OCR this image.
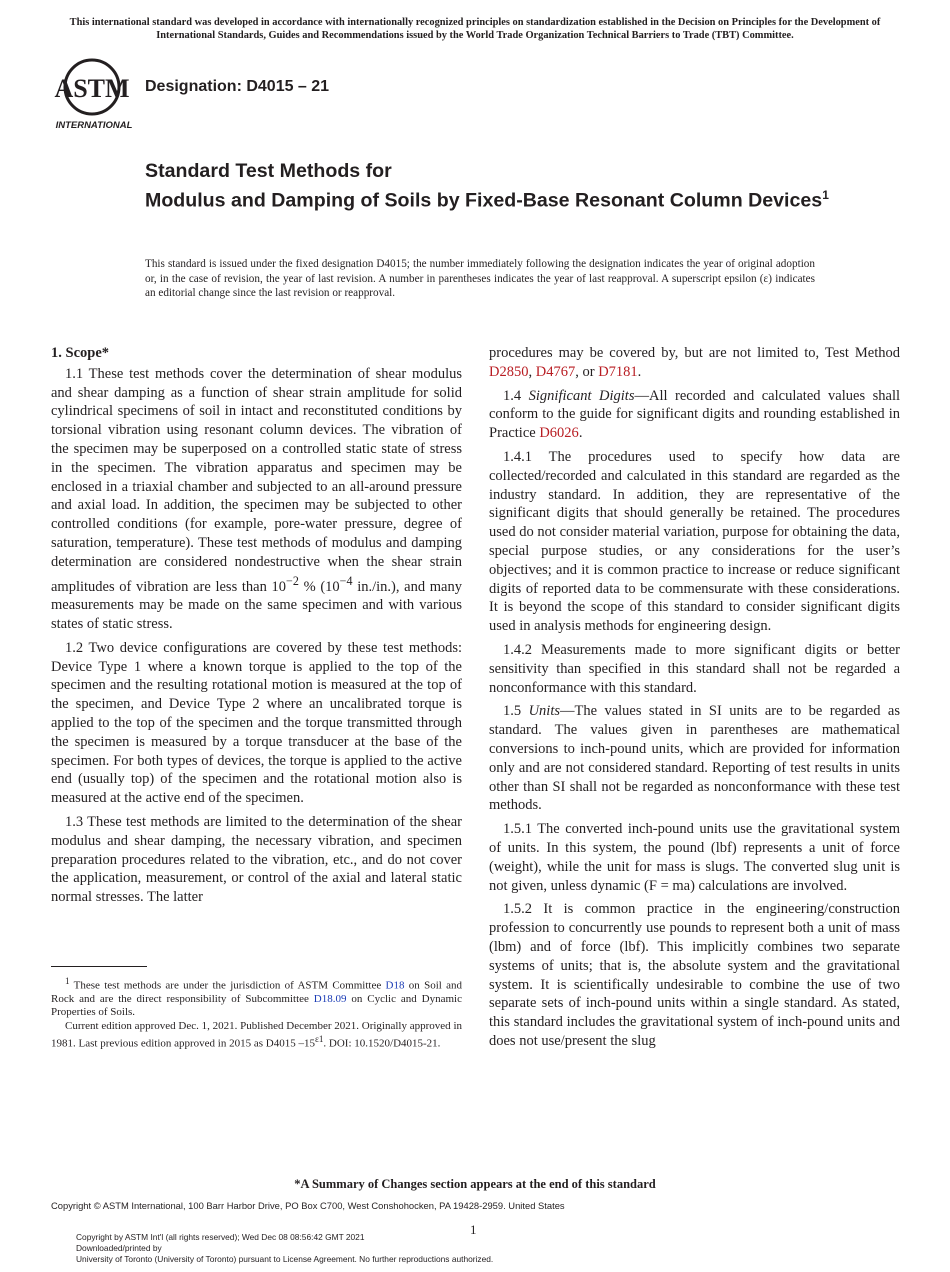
This international standard was developed in accordance with internationally recognized principles on standardization established in the Decision on Principles for the Development of International Standards, Guides and Recommendations issued by the World Trade Organization Technical Barriers to Trade (TBT) Committee.
ASTM
INTERNATIONAL
Designation: D4015 – 21
Standard Test Methods for
Modulus and Damping of Soils by Fixed-Base Resonant Column Devices$^1$
This standard is issued under the fixed designation D4015; the number immediately following the designation indicates the year of original adoption or, in the case of revision, the year of last revision. A number in parentheses indicates the year of last reapproval. A superscript epsilon (ε) indicates an editorial change since the last revision or reapproval.
1. Scope*

1.1 These test methods cover the determination of shear modulus and shear damping as a function of shear strain amplitude for solid cylindrical specimens of soil in intact and reconstituted conditions by torsional vibration using resonant column devices. The vibration of the specimen may be superposed on a controlled static state of stress in the specimen. The vibration apparatus and specimen may be enclosed in a triaxial chamber and subjected to an all-around pressure and axial load. In addition, the specimen may be subjected to other controlled conditions (for example, pore-water pressure, degree of saturation, temperature). These test methods of modulus and damping determination are considered nondestructive when the shear strain amplitudes of vibration are less than $10^{-2}$ % ($10^{-4}$ in./in.), and many measurements may be made on the same specimen and with various states of static stress.

1.2 Two device configurations are covered by these test methods: Device Type 1 where a known torque is applied to the top of the specimen and the resulting rotational motion is measured at the top of the specimen, and Device Type 2 where an uncalibrated torque is applied to the top of the specimen and the torque transmitted through the specimen is measured by a torque transducer at the base of the specimen. For both types of devices, the torque is applied to the active end (usually top) of the specimen and the rotational motion also is measured at the active end of the specimen.

1.3 These test methods are limited to the determination of the shear modulus and shear damping, the necessary vibration, and specimen preparation procedures related to the vibration, etc., and do not cover the application, measurement, or control of the axial and lateral static normal stresses. The latter

procedures may be covered by, but are not limited to, Test Method D2850, D4767, or D7181.

1.4 Significant Digits—All recorded and calculated values shall conform to the guide for significant digits and rounding established in Practice D6026.

1.4.1 The procedures used to specify how data are collected/recorded and calculated in this standard are regarded as the industry standard. In addition, they are representative of the significant digits that should generally be retained. The procedures used do not consider material variation, purpose for obtaining the data, special purpose studies, or any considerations for the user’s objectives; and it is common practice to increase or reduce significant digits of reported data to be commensurate with these considerations. It is beyond the scope of this standard to consider significant digits used in analysis methods for engineering design.

1.4.2 Measurements made to more significant digits or better sensitivity than specified in this standard shall not be regarded a nonconformance with this standard.

1.5 Units—The values stated in SI units are to be regarded as standard. The values given in parentheses are mathematical conversions to inch-pound units, which are provided for information only and are not considered standard. Reporting of test results in units other than SI shall not be regarded as nonconformance with these test methods.

1.5.1 The converted inch-pound units use the gravitational system of units. In this system, the pound (lbf) represents a unit of force (weight), while the unit for mass is slugs. The converted slug unit is not given, unless dynamic (F = ma) calculations are involved.

1.5.2 It is common practice in the engineering/construction profession to concurrently use pounds to represent both a unit of mass (lbm) and of force (lbf). This implicitly combines two separate systems of units; that is, the absolute system and the gravitational system. It is scientifically undesirable to combine the use of two separate sets of inch-pound units within a single standard. As stated, this standard includes the gravitational system of inch-pound units and does not use/present the slug

$^1$ These test methods are under the jurisdiction of ASTM Committee D18 on Soil and Rock and are the direct responsibility of Subcommittee D18.09 on Cyclic and Dynamic Properties of Soils.

Current edition approved Dec. 1, 2021. Published December 2021. Originally approved in 1981. Last previous edition approved in 2015 as D4015 $-15^{\varepsilon 1}$. DOI: 10.1520/D4015-21.

*A Summary of Changes section appears at the end of this standard
Copyright © ASTM International, 100 Barr Harbor Drive, PO Box C700, West Conshohocken, PA 19428-2959. United States
1
Copyright by ASTM Int'l (all rights reserved); Wed Dec 08 08:56:42 GMT 2021
Downloaded/printed by
University of Toronto (University of Toronto) pursuant to License Agreement. No further reproductions authorized.
